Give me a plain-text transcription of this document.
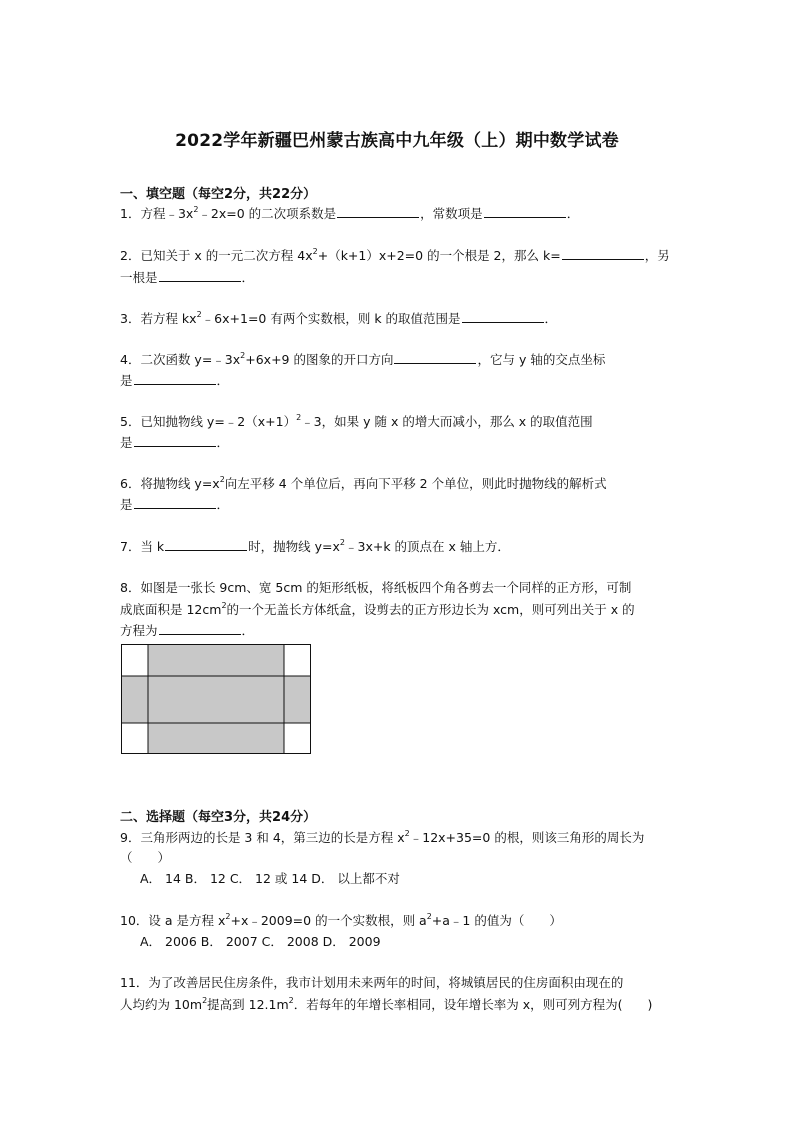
2022学年新疆巴州蒙古族高中九年级（上）期中数学试卷
一、填空题（每空2分，共22分）
1．方程$﹣3x^2﹣2x=0$ 的二次项系数是	，常数项是	．
2．已知关于 x 的一元二次方程 $4x^2+(k+1)x+2=0$ 的一个根是 2，那么 k=	，另
一根是	．
3．若方程 $kx^2﹣6x+1=0$ 有两个实数根，则 k 的取值范围是	．
4．二次函数 $y=﹣3x^2+6x+9$ 的图象的开口方向	，它与 y 轴的交点坐标
是	．
5．已知抛物线 $y=﹣2(x+1)^2﹣3$，如果 y 随 x 的增大而减小，那么 x 的取值范围
是	．
6．将抛物线 $y=x^2$向左平移 4 个单位后，再向下平移 2 个单位，则此时抛物线的解析式
是	．
7．当 k	时，抛物线 $y=x^2﹣3x+k$ 的顶点在 x 轴上方．
8．如图是一张长 9cm、宽 5cm 的矩形纸板，将纸板四个角各剪去一个同样的正方形，可制
成底面积是 $12cm^2$的一个无盖长方体纸盒，设剪去的正方形边长为 xcm，则可列出关于 x 的
方程为	．
二、选择题（每空3分，共24分）
9．三角形两边的长是 3 和 4，第三边的长是方程 $x^2﹣12x+35=0$ 的根，则该三角形的周长为
（　　）
A． 14 B． 12 C． 12 或 14 D． 以上都不对
10．设 a 是方程 $x^2+x﹣2009=0$ 的一个实数根，则 $a^2+a﹣1$ 的值为（　　）
A． 2006 B． 2007 C． 2008 D． 2009
11．为了改善居民住房条件，我市计划用未来两年的时间，将城镇居民的住房面积由现在的
人均约为 $10m^2$提高到 $12.1m^2$．若每年的年增长率相同，设年增长率为 x，则可列方程为(　　)
